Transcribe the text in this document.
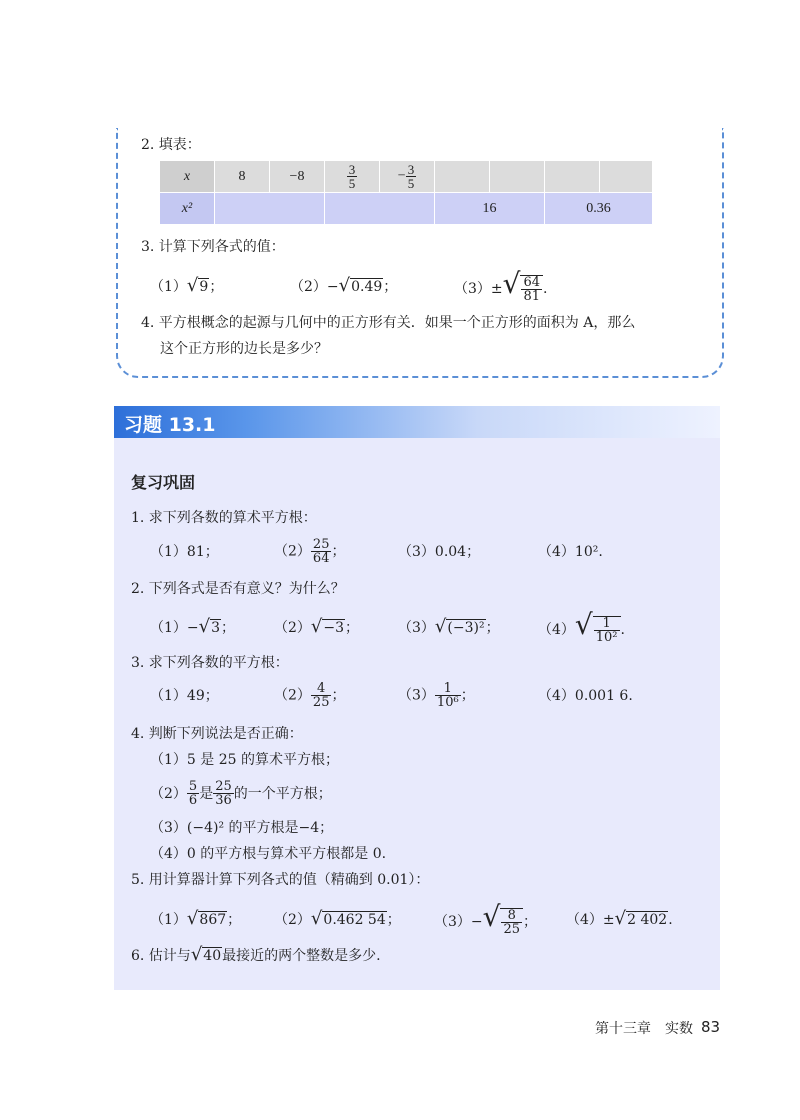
2. 填表：
x	8	−8	$\frac{3}{5}$	− $\frac{3}{5}$

x²					16		0.36	
3. 计算下列各式的值：
（1）√9；	（2）−√0.49；	$(3)\pm√ \frac{64}{81}$ .
4. 平方根概念的起源与几何中的正方形有关．如果一个正方形的面积为 A，那么
这个正方形的边长是多少？
习题 13.1
复习巩固
1. 求下列各数的算术平方根：
（1）81；	$(2) \frac{25}{64}$ ；	（3）0.04；	（4）10².
2. 下列各式是否有意义？为什么？
（1）−√3；	（2）√−3；	（3）√(−3)²；	$(4)√ \frac{1}{\text{10²}}$ .
3. 求下列各数的平方根：
（1）49；	$(2) \frac{4}{25}$ ；	$(3) \frac{1}{\text{10⁶}}$ ；	（4）0.001 6.
4. 判断下列说法是否正确：
（1）5 是 25 的算术平方根；
$(2) \frac{5}{6}$ 是 $\frac{25}{36}$ 的一个平方根；
（3）(−4)² 的平方根是−4；
（4）0 的平方根与算术平方根都是 0.
5. 用计算器计算下列各式的值（精确到 0.01）：
（1）√867；	（2）√0.462 54；	$(3)-√ \frac{8}{25}$ ；	（4）±√2 402.
6. 估计与√40最接近的两个整数是多少.
第十三章　实数 83
